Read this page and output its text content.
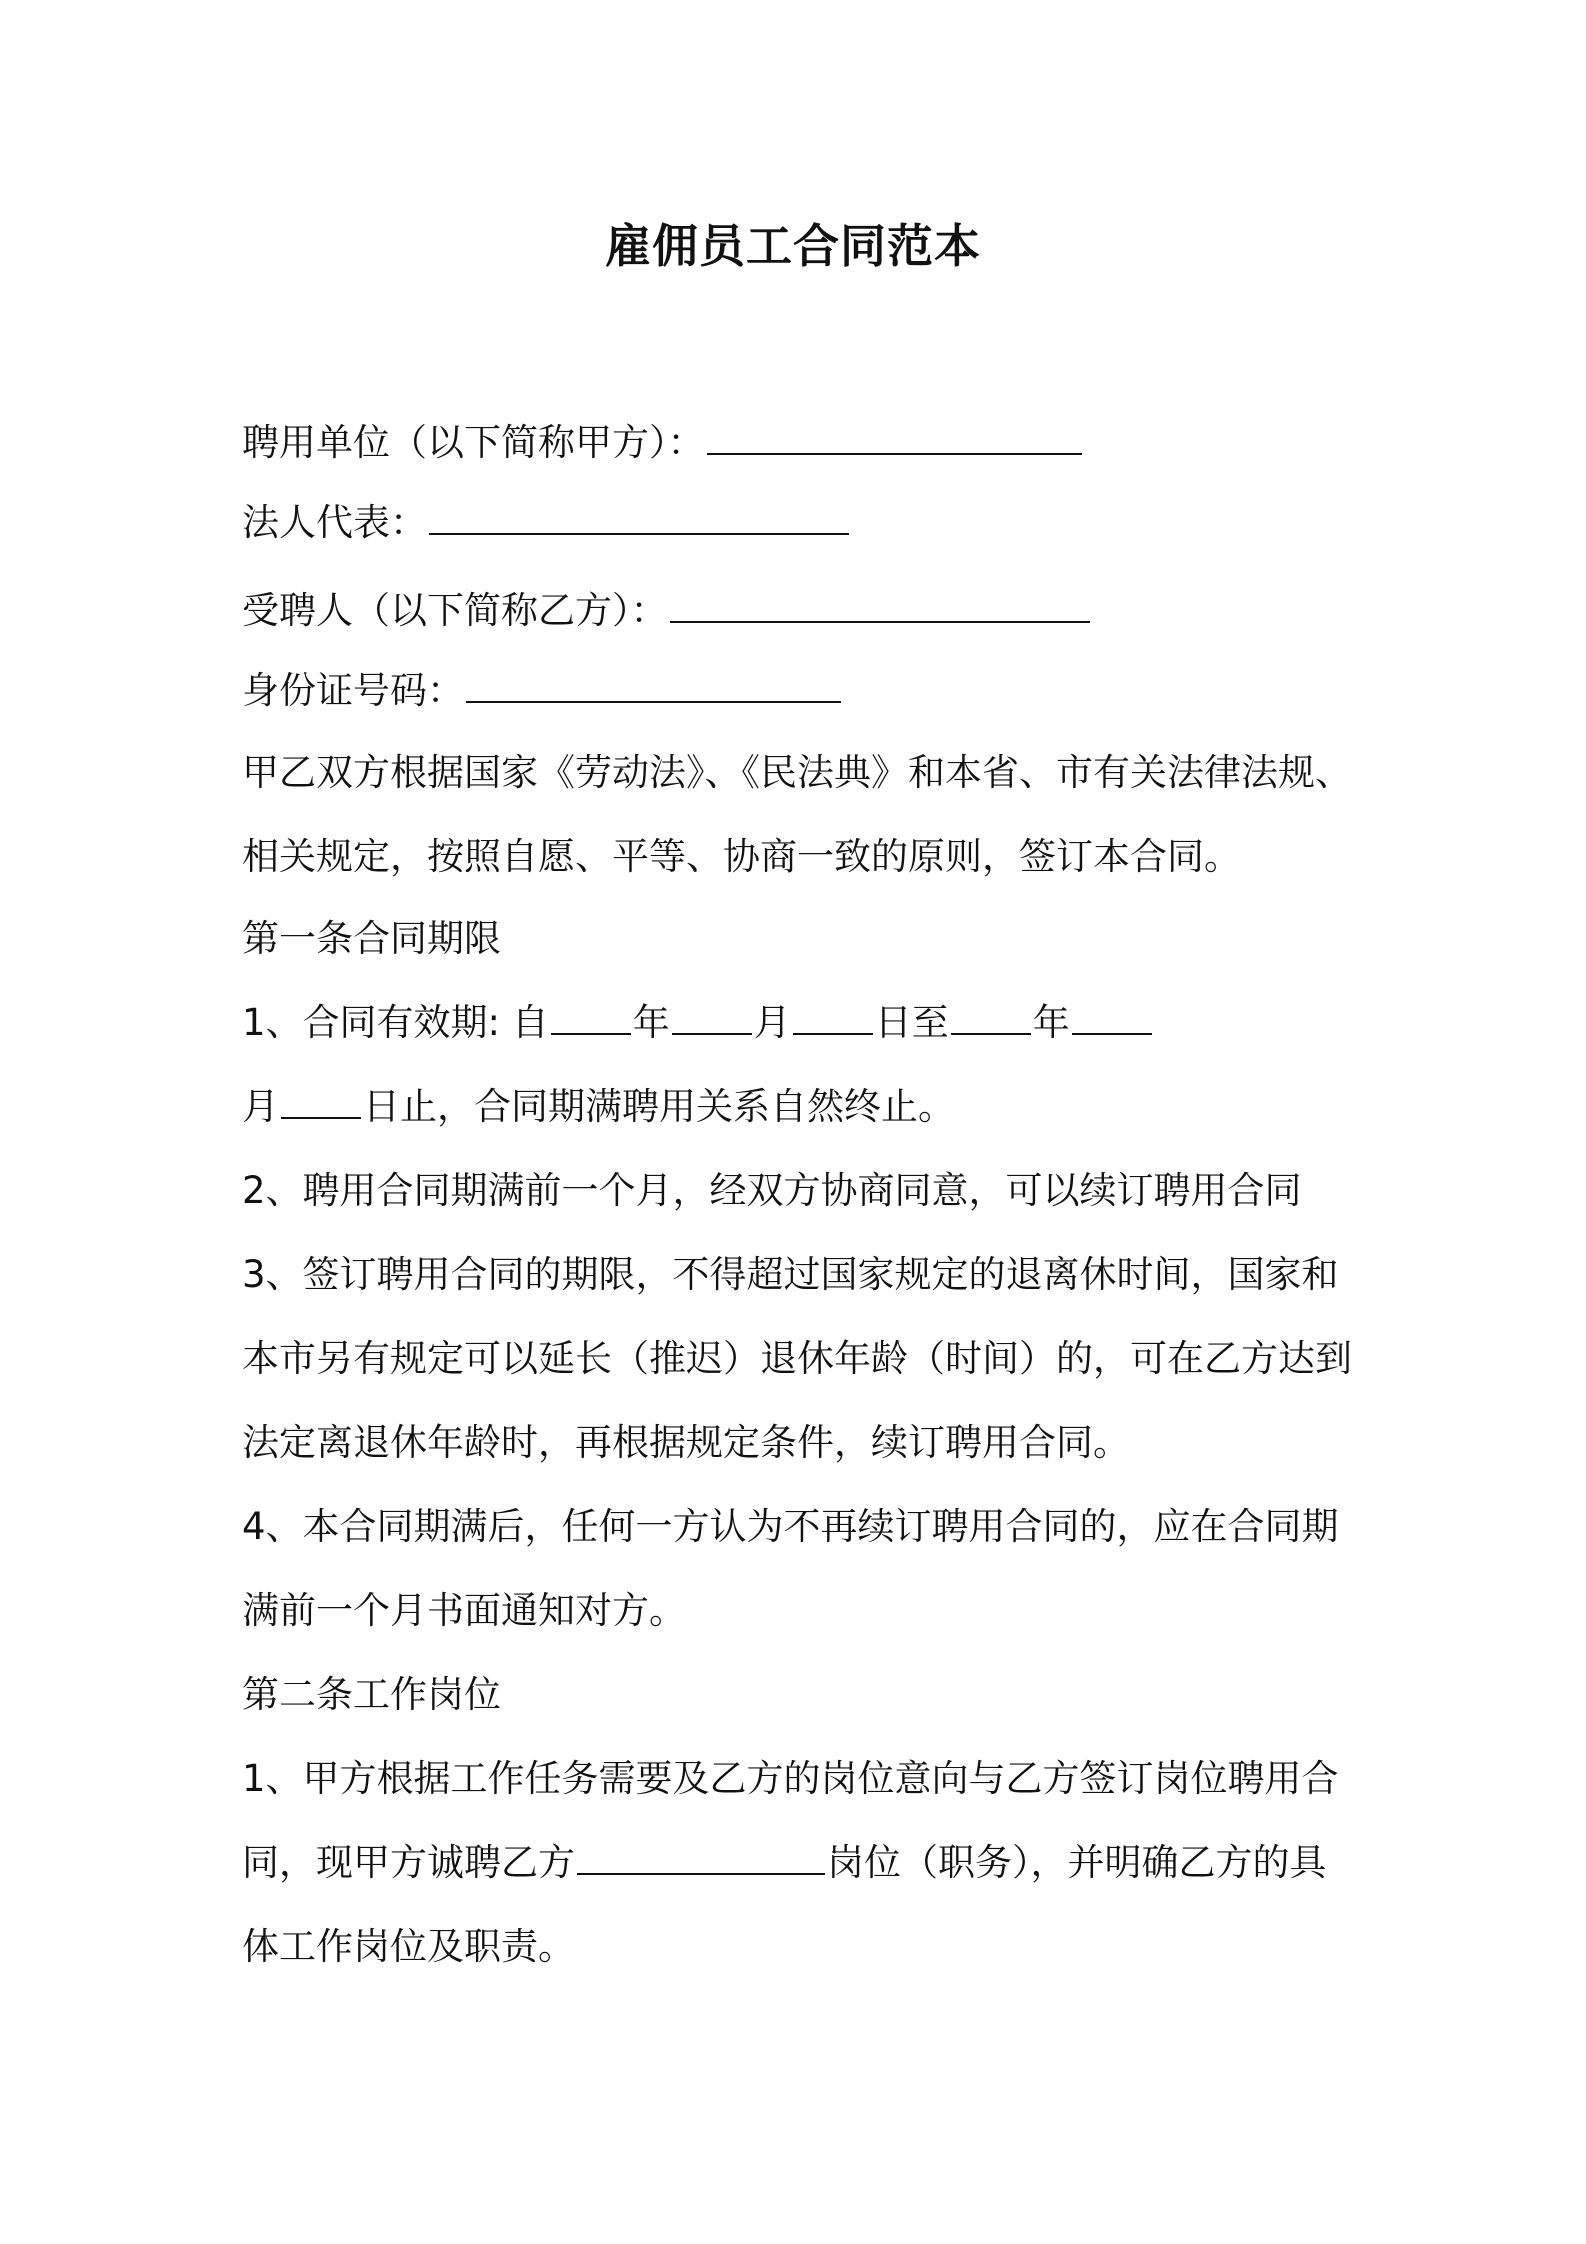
雇佣员工合同范本
聘用单位（以下简称甲方）：
法人代表：
受聘人（以下简称乙方）：
身份证号码：
甲乙双方根据国家《劳动法》、《民法典》和本省、市有关法律法规、
相关规定，按照自愿、平等、协商一致的原则，签订本合同。
第一条合同期限
1、合同有效期: 自 年 月 日至 年
月 日止，合同期满聘用关系自然终止。
2、聘用合同期满前一个月，经双方协商同意，可以续订聘用合同
3、签订聘用合同的期限，不得超过国家规定的退离休时间，国家和
本市另有规定可以延长（推迟）退休年龄（时间）的，可在乙方达到
法定离退休年龄时，再根据规定条件，续订聘用合同。
4、本合同期满后，任何一方认为不再续订聘用合同的，应在合同期
满前一个月书面通知对方。
第二条工作岗位
1、甲方根据工作任务需要及乙方的岗位意向与乙方签订岗位聘用合
同，现甲方诚聘乙方	岗位（职务），并明确乙方的具
体工作岗位及职责。
